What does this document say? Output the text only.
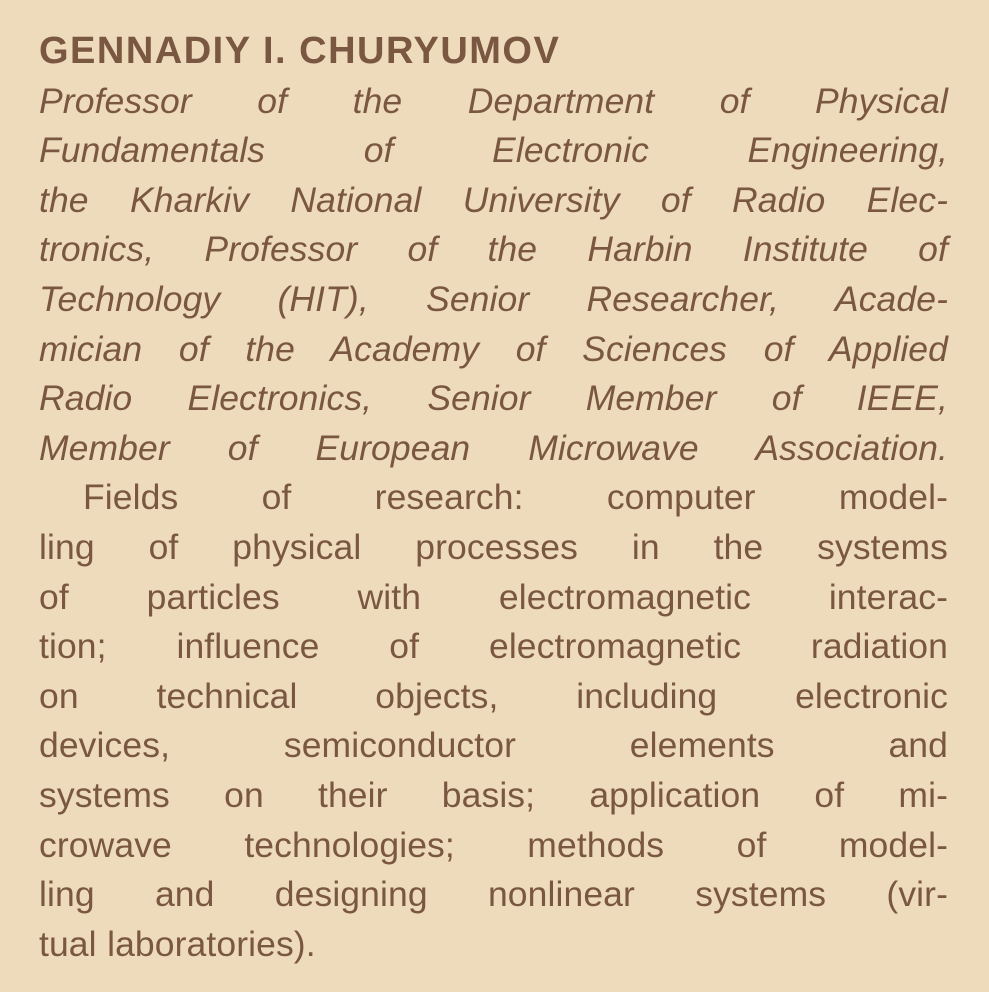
GENNADIY I. CHURYUMOV
Professor of the Department of Physical
Fundamentals of Electronic Engineering,
the Kharkiv National University of Radio Elec-
tronics, Professor of the Harbin Institute of
Technology (HIT), Senior Researcher, Acade-
mician of the Academy of Sciences of Applied
Radio Electronics, Senior Member of IEEE,
Member of European Microwave Association.
Fields of research: computer model-
ling of physical processes in the systems
of particles with electromagnetic interac-
tion; influence of electromagnetic radiation
on technical objects, including electronic
devices, semiconductor elements and
systems on their basis; application of mi-
crowave technologies; methods of model-
ling and designing nonlinear systems (vir-
tual laboratories).
